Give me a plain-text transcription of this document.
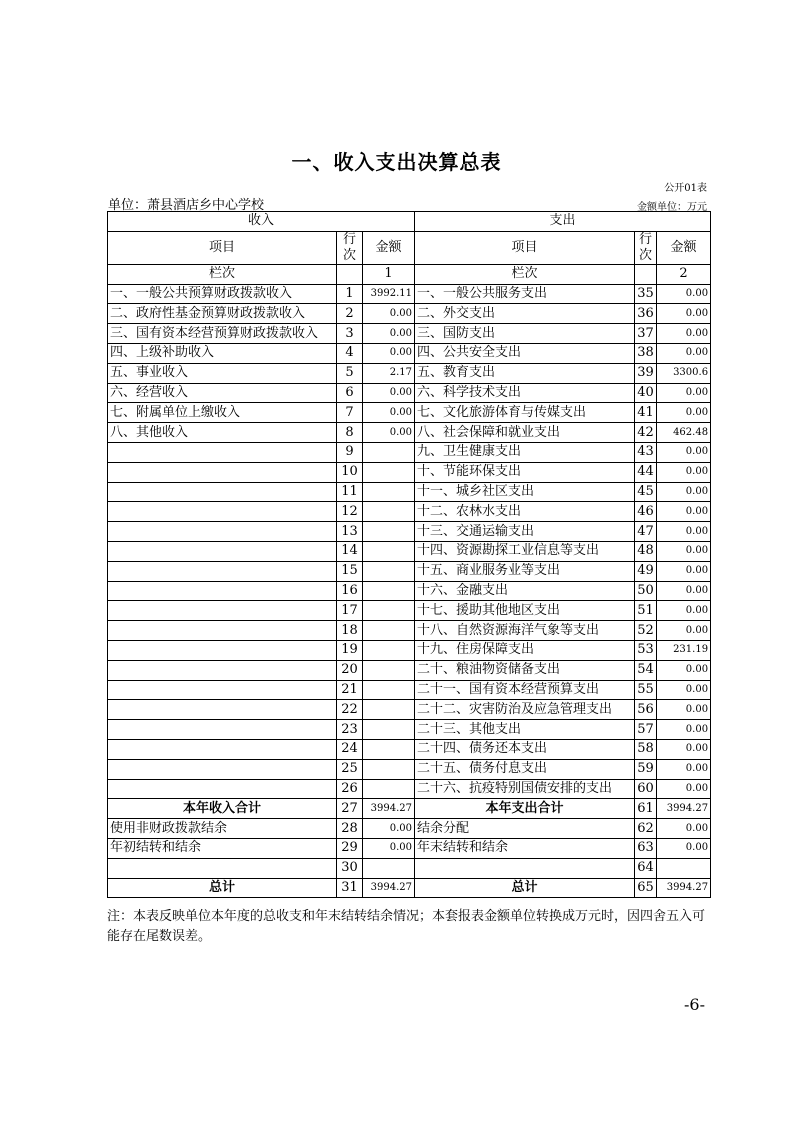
一、收入支出决算总表
公开01表
单位：萧县酒店乡中心学校	金额单位：万元
收入			支出		
项目	行次	金额	项目	行次	金额
栏次		1	栏次		2
一、一般公共预算财政拨款收入	1	3992.11	一、一般公共服务支出	35	0.00
二、政府性基金预算财政拨款收入	2	0.00	二、外交支出	36	0.00
三、国有资本经营预算财政拨款收入	3	0.00	三、国防支出	37	0.00
四、上级补助收入	4	0.00	四、公共安全支出	38	0.00
五、事业收入	5	2.17	五、教育支出	39	3300.6
六、经营收入	6	0.00	六、科学技术支出	40	0.00
七、附属单位上缴收入	7	0.00	七、文化旅游体育与传媒支出	41	0.00
八、其他收入	8	0.00	八、社会保障和就业支出	42	462.48
	9		九、卫生健康支出	43	0.00
	10		十、节能环保支出	44	0.00
	11		十一、城乡社区支出	45	0.00
	12		十二、农林水支出	46	0.00
	13		十三、交通运输支出	47	0.00
	14		十四、资源勘探工业信息等支出	48	0.00
	15		十五、商业服务业等支出	49	0.00
	16		十六、金融支出	50	0.00
	17		十七、援助其他地区支出	51	0.00
	18		十八、自然资源海洋气象等支出	52	0.00
	19		十九、住房保障支出	53	231.19
	20		二十、粮油物资储备支出	54	0.00
	21		二十一、国有资本经营预算支出	55	0.00
	22		二十二、灾害防治及应急管理支出	56	0.00
	23		二十三、其他支出	57	0.00
	24		二十四、债务还本支出	58	0.00
	25		二十五、债务付息支出	59	0.00
	26		二十六、抗疫特别国债安排的支出	60	0.00
本年收入合计	27	3994.27	本年支出合计	61	3994.27
使用非财政拨款结余	28	0.00	结余分配	62	0.00
年初结转和结余	29	0.00	年末结转和结余	63	0.00
	30			64	
总计	31	3994.27	总计	65	3994.27
注：本表反映单位本年度的总收支和年末结转结余情况；本套报表金额单位转换成万元时，因四舍五入可能存在尾数误差。
-6-
